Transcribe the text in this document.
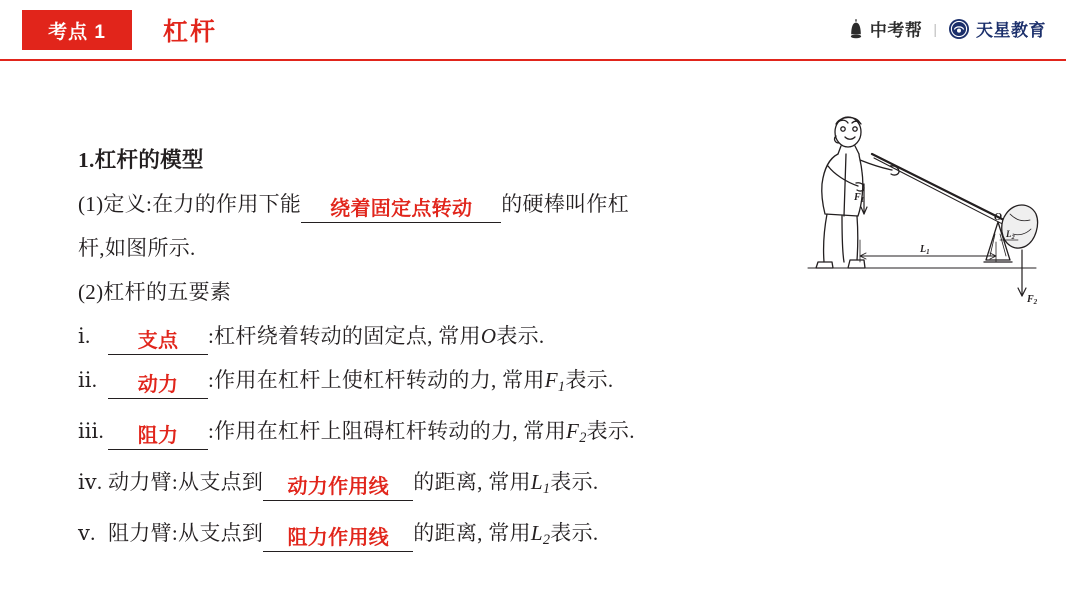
考点 1	杠杆	中考帮 | 天星教育
1.杠杆的模型
(1)定义:在力的作用下能 绕着固定点转动 的硬棒叫作杠
杆,如图所示.
(2)杠杆的五要素
ⅰ. 支点 :杠杆绕着转动的固定点, 常用O表示.
ⅱ. 动力 :作用在杠杆上使杠杆转动的力, 常用$F_1$表示.
ⅲ. 阻力 :作用在杠杆上阻碍杠杆转动的力, 常用$F_2$表示.
ⅳ. 动力臂:从支点到 动力作用线 的距离, 常用$L_1$表示.
ⅴ. 阻力臂:从支点到 阻力作用线 的距离, 常用$L_2$表示.
$F_1$
$L_1$
O
$L_2$
$F_2$
